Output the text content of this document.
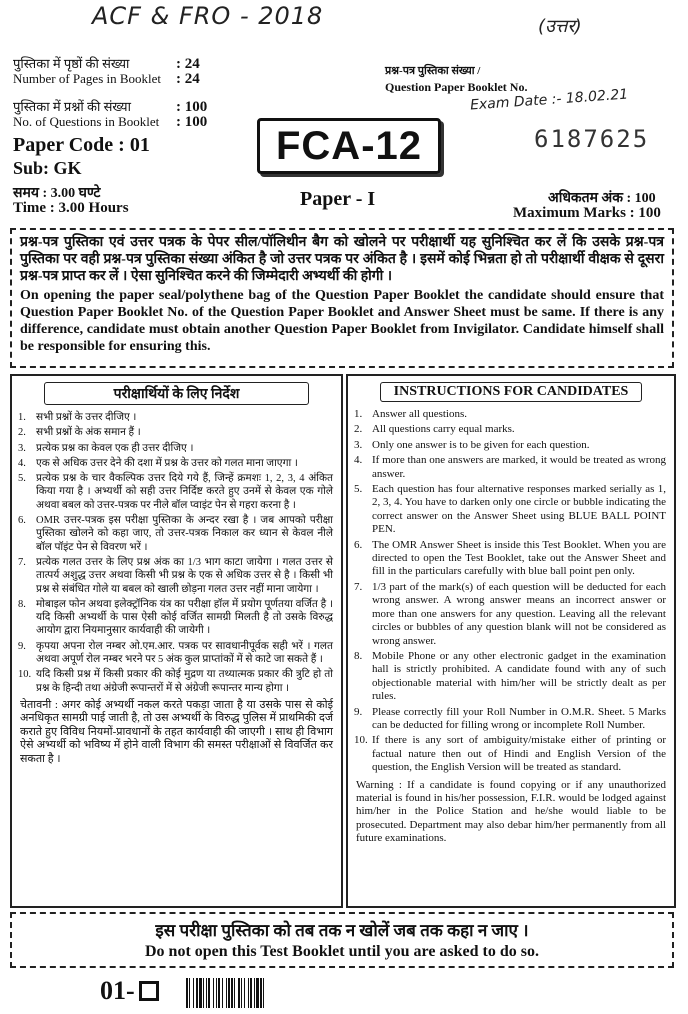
ACF & FRO - 2018	(उत्तर)
Exam Date :- 18.02.21
पुस्तिका में पृष्ठों की संख्या
Number of Pages in Booklet
: 24
: 24
पुस्तिका में प्रश्नों की संख्या
No. of Questions in Booklet
: 100
: 100
Paper Code : 01
Sub: GK
समय : 3.00 घण्टे
Time : 3.00 Hours
प्रश्न-पत्र पुस्तिका संख्या /
Question Paper Booklet No.
6187625
FCA-12
Paper - I	अधिकतम अंक : 100
Maximum Marks : 100
प्रश्न-पत्र पुस्तिका एवं उत्तर पत्रक के पेपर सील/पॉलिथीन बैग को खोलने पर परीक्षार्थी यह सुनिश्चित कर लें कि उसके प्रश्न-पत्र पुस्तिका पर वही प्रश्न-पत्र पुस्तिका संख्या अंकित है जो उत्तर पत्रक पर अंकित है । इसमें कोई भिन्नता हो तो परीक्षार्थी वीक्षक से दूसरा प्रश्न-पत्र प्राप्त कर लें । ऐसा सुनिश्चित करने की जिम्मेदारी अभ्यर्थी की होगी ।
On opening the paper seal/polythene bag of the Question Paper Booklet the candidate should ensure that Question Paper Booklet No. of the Question Paper Booklet and Answer Sheet must be same. If there is any difference, candidate must obtain another Question Paper Booklet from Invigilator. Candidate himself shall be responsible for ensuring this.
परीक्षार्थियों के लिए निर्देश
1. सभी प्रश्नों के उत्तर दीजिए ।
2. सभी प्रश्नों के अंक समान हैं ।
3. प्रत्येक प्रश्न का केवल एक ही उत्तर दीजिए ।
4. एक से अधिक उत्तर देने की दशा में प्रश्न के उत्तर को गलत माना जाएगा ।
5. प्रत्येक प्रश्न के चार वैकल्पिक उत्तर दिये गये हैं, जिन्हें क्रमशः 1, 2, 3, 4 अंकित किया गया है । अभ्यर्थी को सही उत्तर निर्दिष्ट करते हुए उनमें से केवल एक गोले अथवा बबल को उत्तर-पत्रक पर नीले बॉल प्वाइंट पेन से गहरा करना है ।
6. OMR उत्तर-पत्रक इस परीक्षा पुस्तिका के अन्दर रखा है । जब आपको परीक्षा पुस्तिका खोलने को कहा जाए, तो उत्तर-पत्रक निकाल कर ध्यान से केवल नीले बॉल पॉइंट पेन से विवरण भरें ।
7. प्रत्येक गलत उत्तर के लिए प्रश्न अंक का 1/3 भाग काटा जायेगा । गलत उत्तर से तात्पर्य अशुद्ध उत्तर अथवा किसी भी प्रश्न के एक से अधिक उत्तर से है । किसी भी प्रश्न से संबंधित गोले या बबल को खाली छोड़ना गलत उत्तर नहीं माना जायेगा ।
8. मोबाइल फोन अथवा इलेक्ट्रॉनिक यंत्र का परीक्षा हॉल में प्रयोग पूर्णतया वर्जित है । यदि किसी अभ्यर्थी के पास ऐसी कोई वर्जित सामग्री मिलती है तो उसके विरुद्ध आयोग द्वारा नियमानुसार कार्यवाही की जायेगी ।
9. कृपया अपना रोल नम्बर ओ.एम.आर. पत्रक पर सावधानीपूर्वक सही भरें । गलत अथवा अपूर्ण रोल नम्बर भरने पर 5 अंक कुल प्राप्तांकों में से काटे जा सकते हैं ।
10. यदि किसी प्रश्न में किसी प्रकार की कोई मुद्रण या तथ्यात्मक प्रकार की त्रुटि हो तो प्रश्न के हिन्दी तथा अंग्रेजी रूपान्तरों में से अंग्रेजी रूपान्तर मान्य होगा ।
चेतावनी : अगर कोई अभ्यर्थी नकल करते पकड़ा जाता है या उसके पास से कोई अनधिकृत सामग्री पाई जाती है, तो उस अभ्यर्थी के विरुद्ध पुलिस में प्राथमिकी दर्ज कराते हुए विविध नियमों-प्रावधानों के तहत कार्यवाही की जाएगी । साथ ही विभाग ऐसे अभ्यर्थी को भविष्य में होने वाली विभाग की समस्त परीक्षाओं से विवर्जित कर सकता है ।
INSTRUCTIONS FOR CANDIDATES
1. Answer all questions.
2. All questions carry equal marks.
3. Only one answer is to be given for each question.
4. If more than one answers are marked, it would be treated as wrong answer.
5. Each question has four alternative responses marked serially as 1, 2, 3, 4. You have to darken only one circle or bubble indicating the correct answer on the Answer Sheet using BLUE BALL POINT PEN.
6. The OMR Answer Sheet is inside this Test Booklet. When you are directed to open the Test Booklet, take out the Answer Sheet and fill in the particulars carefully with blue ball point pen only.
7. 1/3 part of the mark(s) of each question will be deducted for each wrong answer. A wrong answer means an incorrect answer or more than one answers for any question. Leaving all the relevant circles or bubbles of any question blank will not be considered as wrong answer.
8. Mobile Phone or any other electronic gadget in the examination hall is strictly prohibited. A candidate found with any of such objectionable material with him/her will be strictly dealt as per rules.
9. Please correctly fill your Roll Number in O.M.R. Sheet. 5 Marks can be deducted for filling wrong or incomplete Roll Number.
10. If there is any sort of ambiguity/mistake either of printing or factual nature then out of Hindi and English Version of the question, the English Version will be treated as standard.
Warning : If a candidate is found copying or if any unauthorized material is found in his/her possession, F.I.R. would be lodged against him/her in the Police Station and he/she would liable to be prosecuted. Department may also debar him/her permanently from all future examinations.
इस परीक्षा पुस्तिका को तब तक न खोलें जब तक कहा न जाए ।
Do not open this Test Booklet until you are asked to do so.
01-
